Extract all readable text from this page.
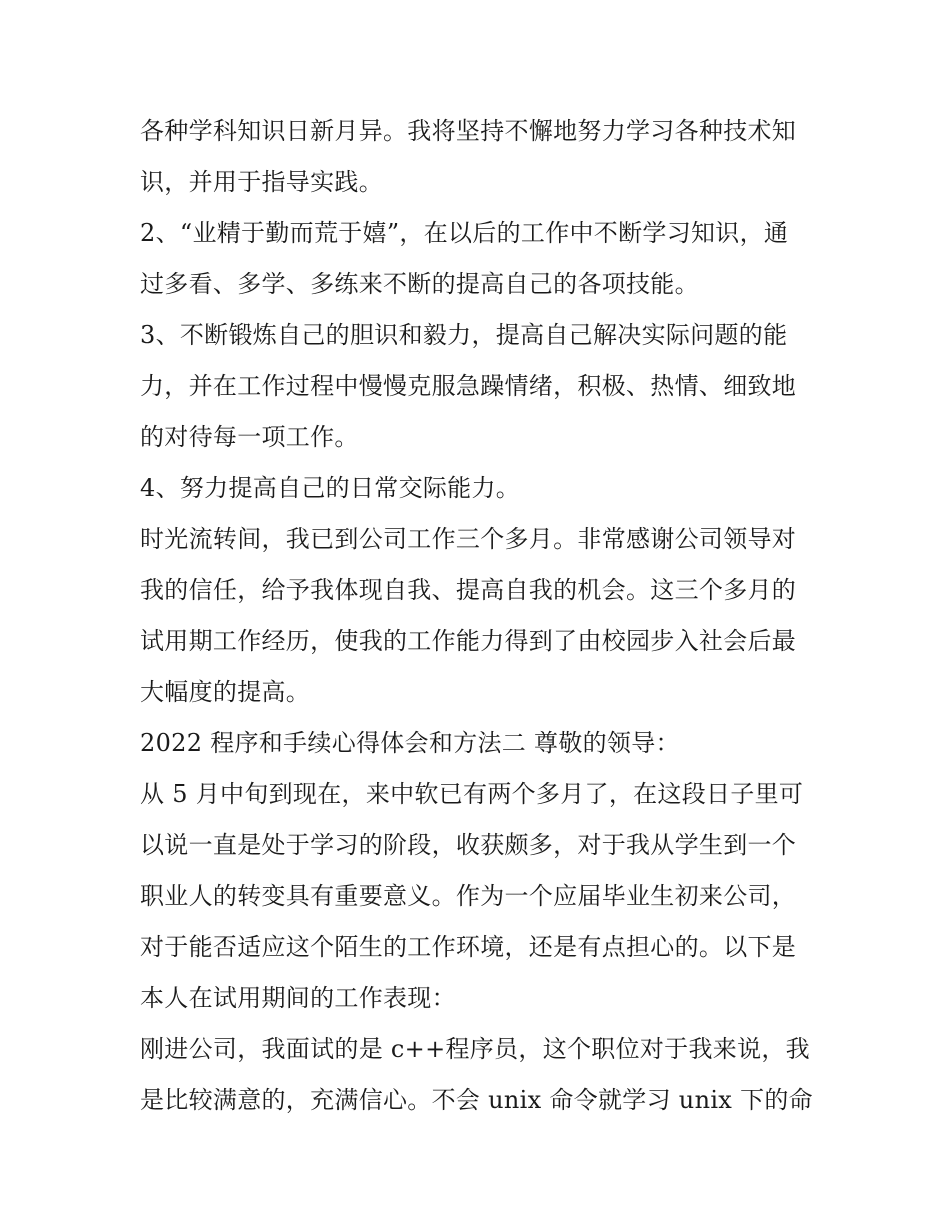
各种学科知识日新月异。我将坚持不懈地努力学习各种技术知
识，并用于指导实践。
2、“业精于勤而荒于嬉”，在以后的工作中不断学习知识，通
过多看、多学、多练来不断的提高自己的各项技能。
3、不断锻炼自己的胆识和毅力，提高自己解决实际问题的能
力，并在工作过程中慢慢克服急躁情绪，积极、热情、细致地
的对待每一项工作。
4、努力提高自己的日常交际能力。
时光流转间，我已到公司工作三个多月。非常感谢公司领导对
我的信任，给予我体现自我、提高自我的机会。这三个多月的
试用期工作经历，使我的工作能力得到了由校园步入社会后最
大幅度的提高。
2022 程序和手续心得体会和方法二 尊敬的领导：
从 5 月中旬到现在，来中软已有两个多月了，在这段日子里可
以说一直是处于学习的阶段，收获颇多，对于我从学生到一个
职业人的转变具有重要意义。作为一个应届毕业生初来公司，
对于能否适应这个陌生的工作环境，还是有点担心的。以下是
本人在试用期间的工作表现：
刚进公司，我面试的是 c++程序员，这个职位对于我来说，我
是比较满意的，充满信心。不会 unix 命令就学习 unix 下的命
